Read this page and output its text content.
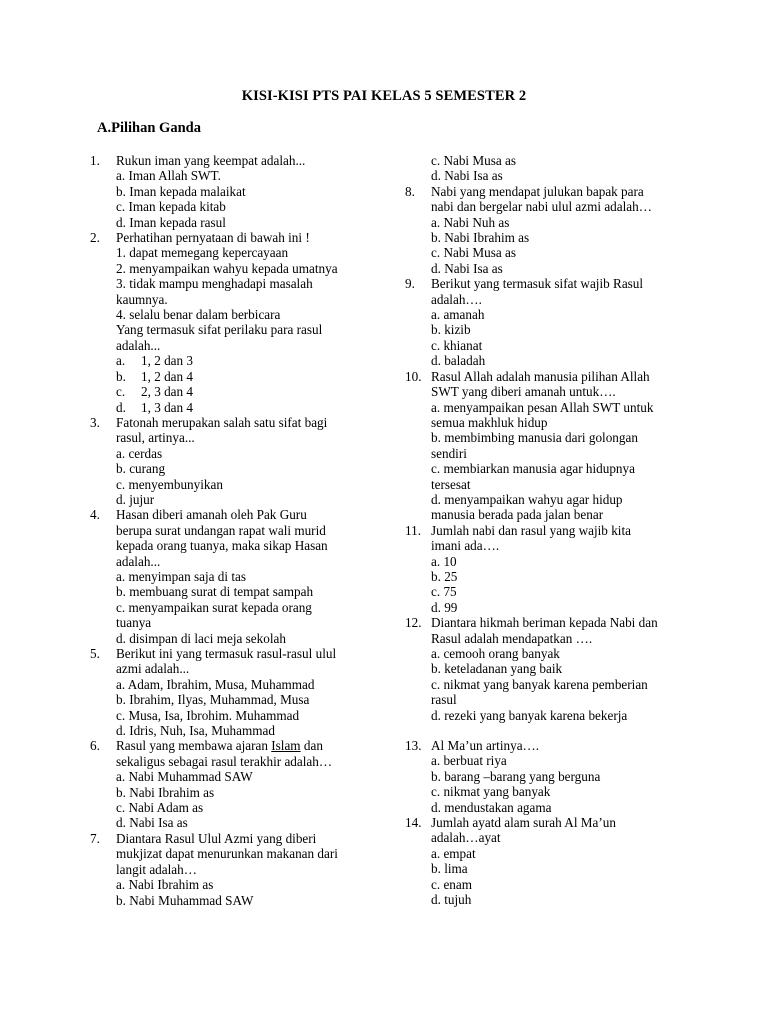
KISI-KISI PTS PAI KELAS 5 SEMESTER 2
A.Pilihan Ganda
1. Rukun iman yang keempat adalah...
a. Iman Allah SWT.
b. Iman kepada malaikat
c. Iman kepada kitab
d. Iman kepada rasul
2. Perhatihan pernyataan di bawah ini !
1. dapat memegang kepercayaan
2. menyampaikan wahyu kepada umatnya
3. tidak mampu menghadapi masalah
kaumnya.
4. selalu benar dalam berbicara
Yang termasuk sifat perilaku para rasul
adalah...
a. 1, 2 dan 3
b. 1, 2 dan 4
c. 2, 3 dan 4
d. 1, 3 dan 4
3. Fatonah merupakan salah satu sifat bagi
rasul, artinya...
a. cerdas
b. curang
c. menyembunyikan
d. jujur
4. Hasan diberi amanah oleh Pak Guru
berupa surat undangan rapat wali murid
kepada orang tuanya, maka sikap Hasan
adalah...
a. menyimpan saja di tas
b. membuang surat di tempat sampah
c. menyampaikan surat kepada orang
tuanya
d. disimpan di laci meja sekolah
5. Berikut ini yang termasuk rasul-rasul ulul
azmi adalah...
a. Adam, Ibrahim, Musa, Muhammad
b. Ibrahim, Ilyas, Muhammad, Musa
c. Musa, Isa, Ibrohim. Muhammad
d. Idris, Nuh, Isa, Muhammad
6. Rasul yang membawa ajaran Islam dan
sekaligus sebagai rasul terakhir adalah…
a. Nabi Muhammad SAW
b. Nabi Ibrahim as
c. Nabi Adam as
d. Nabi Isa as
7. Diantara Rasul Ulul Azmi yang diberi
mukjizat dapat menurunkan makanan dari
langit adalah…
a. Nabi Ibrahim as
b. Nabi Muhammad SAW
c. Nabi Musa as
d. Nabi Isa as
8. Nabi yang mendapat julukan bapak para
nabi dan bergelar nabi ulul azmi adalah…
a. Nabi Nuh as
b. Nabi Ibrahim as
c. Nabi Musa as
d. Nabi Isa as
9. Berikut yang termasuk sifat wajib Rasul
adalah….
a. amanah
b. kizib
c. khianat
d. baladah
10. Rasul Allah adalah manusia pilihan Allah
SWT yang diberi amanah untuk….
a. menyampaikan pesan Allah SWT untuk
semua makhluk hidup
b. membimbing manusia dari golongan
sendiri
c. membiarkan manusia agar hidupnya
tersesat
d. menyampaikan wahyu agar hidup
manusia berada pada jalan benar
11. Jumlah nabi dan rasul yang wajib kita
imani ada….
a. 10
b. 25
c. 75
d. 99
12. Diantara hikmah beriman kepada Nabi dan
Rasul adalah mendapatkan ….
a. cemooh orang banyak
b. keteladanan yang baik
c. nikmat yang banyak karena pemberian
rasul
d. rezeki yang banyak karena bekerja
13. Al Ma’un artinya….
a. berbuat riya
b. barang –barang yang berguna
c. nikmat yang banyak
d. mendustakan agama
14. Jumlah ayatd alam surah Al Ma’un
adalah…ayat
a. empat
b. lima
c. enam
d. tujuh
